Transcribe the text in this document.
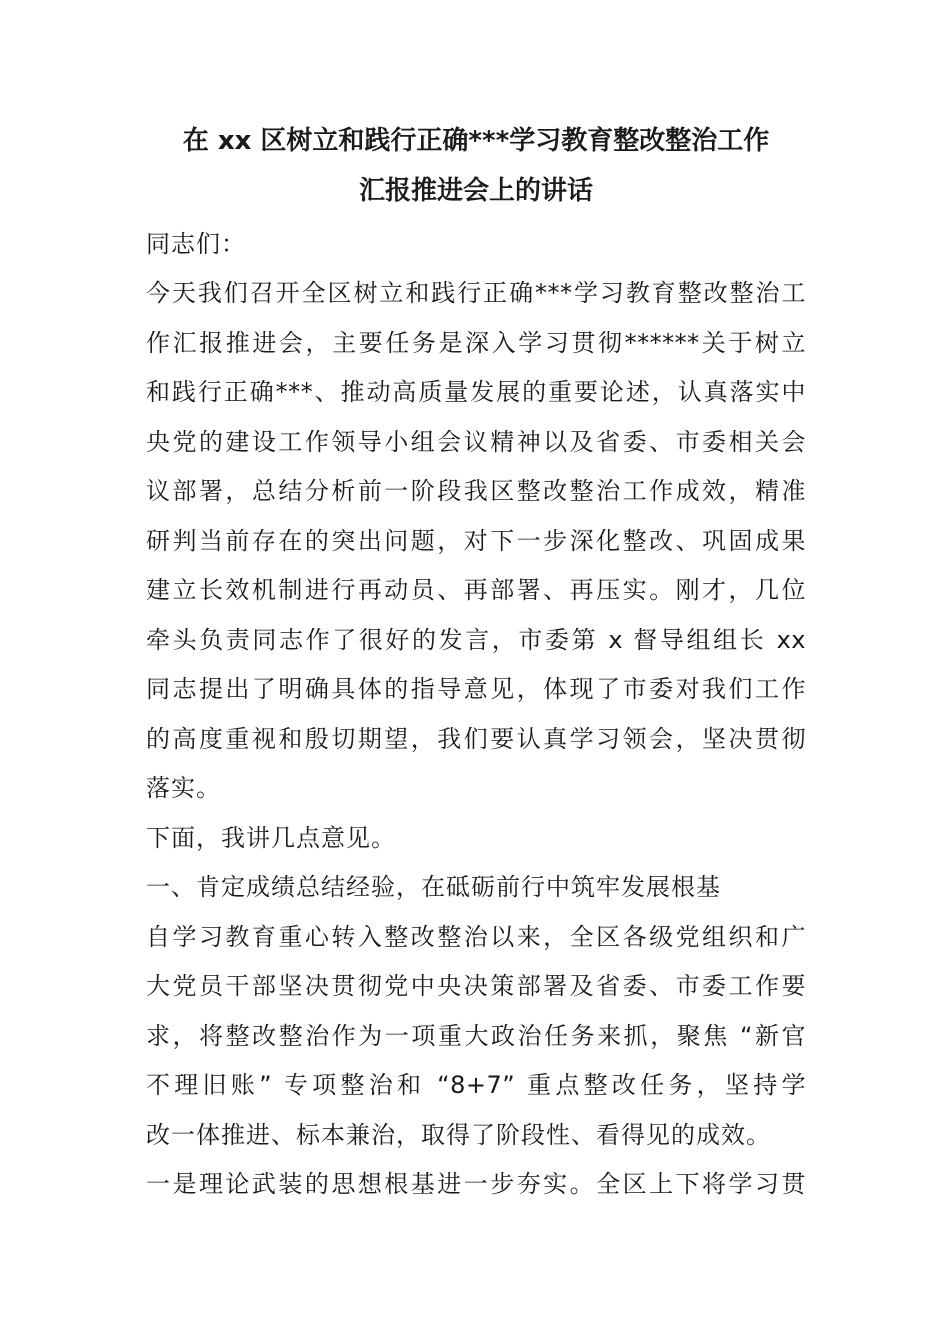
在 xx 区树立和践行正确***学习教育整改整治工作
汇报推进会上的讲话
同志们：
今天我们召开全区树立和践行正确***学习教育整改整治工
作汇报推进会，主要任务是深入学习贯彻******关于树立
和践行正确***、推动高质量发展的重要论述，认真落实中
央党的建设工作领导小组会议精神以及省委、市委相关会
议部署，总结分析前一阶段我区整改整治工作成效，精准
研判当前存在的突出问题，对下一步深化整改、巩固成果
建立长效机制进行再动员、再部署、再压实。刚才，几位
牵头负责同志作了很好的发言，市委第 x 督导组组长 xx
同志提出了明确具体的指导意见，体现了市委对我们工作
的高度重视和殷切期望，我们要认真学习领会，坚决贯彻
落实。
下面，我讲几点意见。
一、肯定成绩总结经验，在砥砺前行中筑牢发展根基
自学习教育重心转入整改整治以来，全区各级党组织和广
大党员干部坚决贯彻党中央决策部署及省委、市委工作要
求，将整改整治作为一项重大政治任务来抓，聚焦 “新官
不理旧账” 专项整治和 “8+7” 重点整改任务，坚持学
改一体推进、标本兼治，取得了阶段性、看得见的成效。
一是理论武装的思想根基进一步夯实。全区上下将学习贯
